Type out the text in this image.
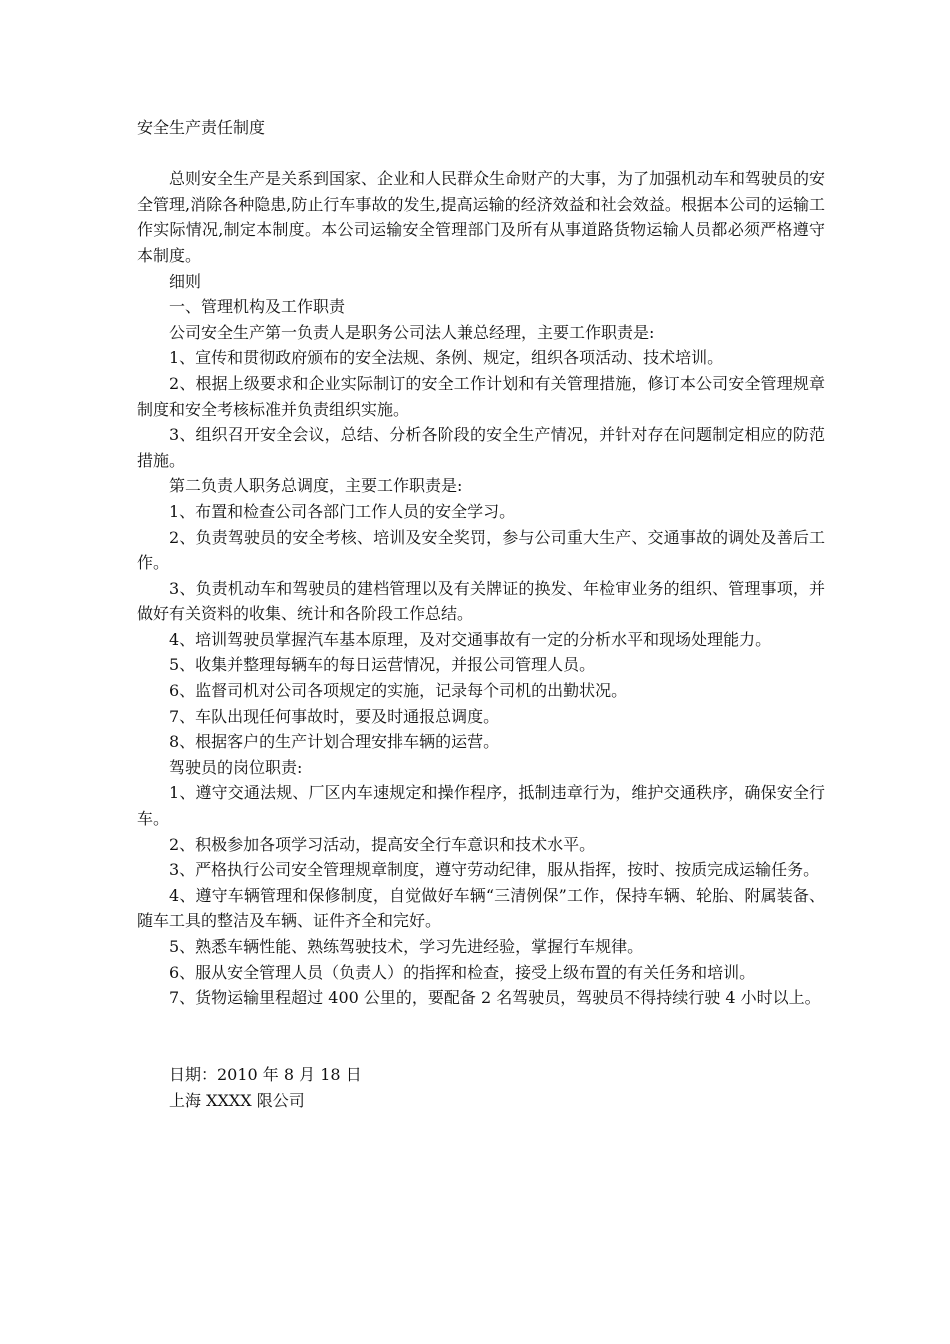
安全生产责任制度

总则安全生产是关系到国家、企业和人民群众生命财产的大事，为了加强机动车和驾驶员的安全管理,消除各种隐患,防止行车事故的发生,提高运输的经济效益和社会效益。根据本公司的运输工作实际情况,制定本制度。本公司运输安全管理部门及所有从事道路货物运输人员都必须严格遵守本制度。

细则

一、管理机构及工作职责

公司安全生产第一负责人是职务公司法人兼总经理，主要工作职责是:

1、宣传和贯彻政府颁布的安全法规、条例、规定，组织各项活动、技术培训。

2、根据上级要求和企业实际制订的安全工作计划和有关管理措施，修订本公司安全管理规章制度和安全考核标准并负责组织实施。

3、组织召开安全会议，总结、分析各阶段的安全生产情况，并针对存在问题制定相应的防范措施。

第二负责人职务总调度，主要工作职责是:

1、布置和检查公司各部门工作人员的安全学习。

2、负责驾驶员的安全考核、培训及安全奖罚，参与公司重大生产、交通事故的调处及善后工作。

3、负责机动车和驾驶员的建档管理以及有关牌证的换发、年检审业务的组织、管理事项，并做好有关资料的收集、统计和各阶段工作总结。

4、培训驾驶员掌握汽车基本原理，及对交通事故有一定的分析水平和现场处理能力。

5、收集并整理每辆车的每日运营情况，并报公司管理人员。

6、监督司机对公司各项规定的实施，记录每个司机的出勤状况。

7、车队出现任何事故时，要及时通报总调度。

8、根据客户的生产计划合理安排车辆的运营。

驾驶员的岗位职责:

1、遵守交通法规、厂区内车速规定和操作程序，抵制违章行为，维护交通秩序，确保安全行车。

2、积极参加各项学习活动，提高安全行车意识和技术水平。

3、严格执行公司安全管理规章制度，遵守劳动纪律，服从指挥，按时、按质完成运输任务。

4、遵守车辆管理和保修制度，自觉做好车辆“三清例保”工作，保持车辆、轮胎、附属装备、随车工具的整洁及车辆、证件齐全和完好。

5、熟悉车辆性能、熟练驾驶技术，学习先进经验，掌握行车规律。

6、服从安全管理人员（负责人）的指挥和检查，接受上级布置的有关任务和培训。

7、货物运输里程超过 400 公里的，要配备 2 名驾驶员，驾驶员不得持续行驶 4 小时以上。

日期：2010 年 8 月 18 日

上海 XXXX 限公司
